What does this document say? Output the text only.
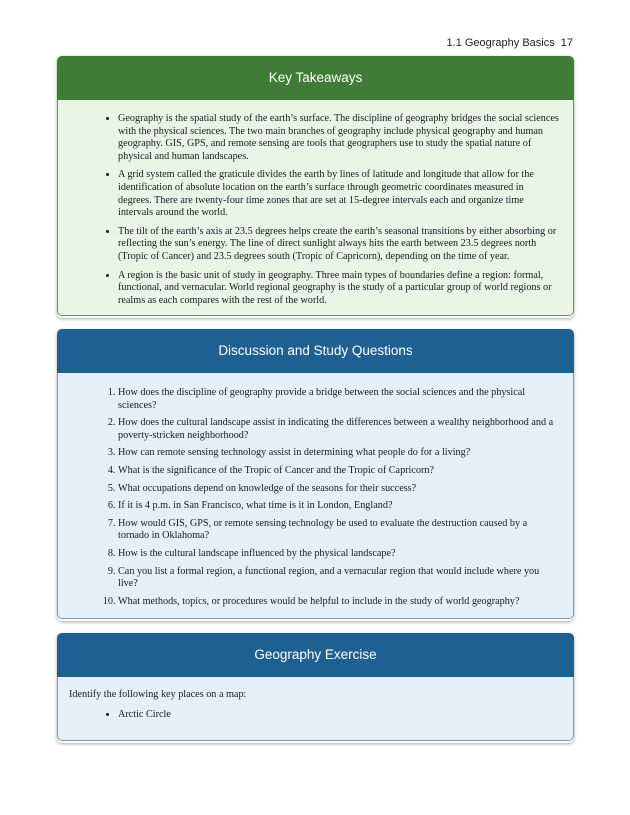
1.1 Geography Basics 17
Key Takeaways
• Geography is the spatial study of the earth’s surface. The discipline of geography bridges the social sciences with the physical sciences. The two main branches of geography include physical geography and human geography. GIS, GPS, and remote sensing are tools that geographers use to study the spatial nature of physical and human landscapes.
• A grid system called the graticule divides the earth by lines of latitude and longitude that allow for the identification of absolute location on the earth’s surface through geometric coordinates measured in degrees. There are twenty-four time zones that are set at 15-degree intervals each and organize time intervals around the world.
• The tilt of the earth’s axis at 23.5 degrees helps create the earth’s seasonal transitions by either absorbing or reflecting the sun’s energy. The line of direct sunlight always hits the earth between 23.5 degrees north (Tropic of Cancer) and 23.5 degrees south (Tropic of Capricorn), depending on the time of year.
• A region is the basic unit of study in geography. Three main types of boundaries define a region: formal, functional, and vernacular. World regional geography is the study of a particular group of world regions or realms as each compares with the rest of the world.
Discussion and Study Questions
1. How does the discipline of geography provide a bridge between the social sciences and the physical sciences?
2. How does the cultural landscape assist in indicating the differences between a wealthy neighborhood and a poverty-stricken neighborhood?
3. How can remote sensing technology assist in determining what people do for a living?
4. What is the significance of the Tropic of Cancer and the Tropic of Capricorn?
5. What occupations depend on knowledge of the seasons for their success?
6. If it is 4 p.m. in San Francisco, what time is it in London, England?
7. How would GIS, GPS, or remote sensing technology be used to evaluate the destruction caused by a tornado in Oklahoma?
8. How is the cultural landscape influenced by the physical landscape?
9. Can you list a formal region, a functional region, and a vernacular region that would include where you live?
10. What methods, topics, or procedures would be helpful to include in the study of world geography?
Geography Exercise

Identify the following key places on a map:

• Arctic Circle
